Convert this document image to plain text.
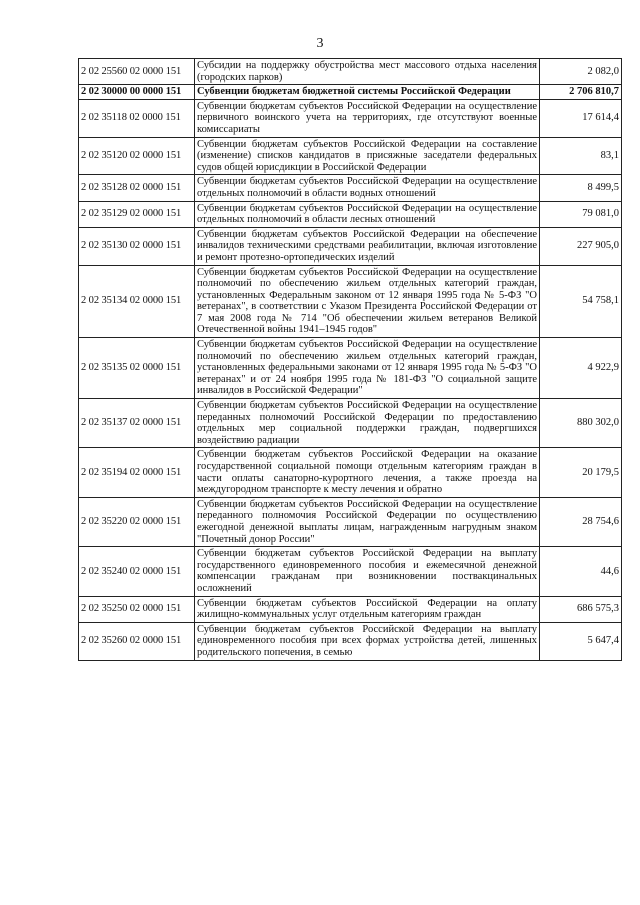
3
2 02 25560 02 0000 151	Субсидии на поддержку обустройства мест массового отдыха населения (городских парков)	2 082,0
2 02 30000 00 0000 151	Субвенции бюджетам бюджетной системы Российской Федерации	2 706 810,7
2 02 35118 02 0000 151	Субвенции бюджетам субъектов Российской Федерации на осуществление первичного воинского учета на территориях, где отсутствуют военные комиссариаты	17 614,4
2 02 35120 02 0000 151	Субвенции бюджетам субъектов Российской Федерации на составление (изменение) списков кандидатов в присяжные заседатели федеральных судов общей юрисдикции в Российской Федерации	83,1
2 02 35128 02 0000 151	Субвенции бюджетам субъектов Российской Федерации на осуществление отдельных полномочий в области водных отношений	8 499,5
2 02 35129 02 0000 151	Субвенции бюджетам субъектов Российской Федерации на осуществление отдельных полномочий в области лесных отношений	79 081,0
2 02 35130 02 0000 151	Субвенции бюджетам субъектов Российской Федерации на обеспечение инвалидов техническими средствами реабилитации, включая изготовление и ремонт протезно-ортопедических изделий	227 905,0
2 02 35134 02 0000 151	Субвенции бюджетам субъектов Российской Федерации на осуществление полномочий по обеспечению жильем отдельных категорий граждан, установленных Федеральным законом от 12 января 1995 года № 5-ФЗ "О ветеранах", в соответствии с Указом Президента Российской Федерации от 7 мая 2008 года № 714 "Об обеспечении жильем ветеранов Великой Отечественной войны 1941–1945 годов"	54 758,1
2 02 35135 02 0000 151	Субвенции бюджетам субъектов Российской Федерации на осуществление полномочий по обеспечению жильем отдельных категорий граждан, установленных федеральными законами от 12 января 1995 года № 5-ФЗ "О ветеранах" и от 24 ноября 1995 года № 181-ФЗ "О социальной защите инвалидов в Российской Федерации"	4 922,9
2 02 35137 02 0000 151	Субвенции бюджетам субъектов Российской Федерации на осуществление переданных полномочий Российской Федерации по предоставлению отдельных мер социальной поддержки граждан, подвергшихся воздействию радиации	880 302,0
2 02 35194 02 0000 151	Субвенции бюджетам субъектов Российской Федерации на оказание государственной социальной помощи отдельным категориям граждан в части оплаты санаторно-курортного лечения, а также проезда на междугородном транспорте к месту лечения и обратно	20 179,5
2 02 35220 02 0000 151	Субвенции бюджетам субъектов Российской Федерации на осуществление переданного полномочия Российской Федерации по осуществлению ежегодной денежной выплаты лицам, награжденным нагрудным знаком "Почетный донор России"	28 754,6
2 02 35240 02 0000 151	Субвенции бюджетам субъектов Российской Федерации на выплату государственного единовременного пособия и ежемесячной денежной компенсации гражданам при возникновении поствакцинальных осложнений	44,6
2 02 35250 02 0000 151	Субвенции бюджетам субъектов Российской Федерации на оплату жилищно-коммунальных услуг отдельным категориям граждан	686 575,3
2 02 35260 02 0000 151	Субвенции бюджетам субъектов Российской Федерации на выплату единовременного пособия при всех формах устройства детей, лишенных родительского попечения, в семью	5 647,4
